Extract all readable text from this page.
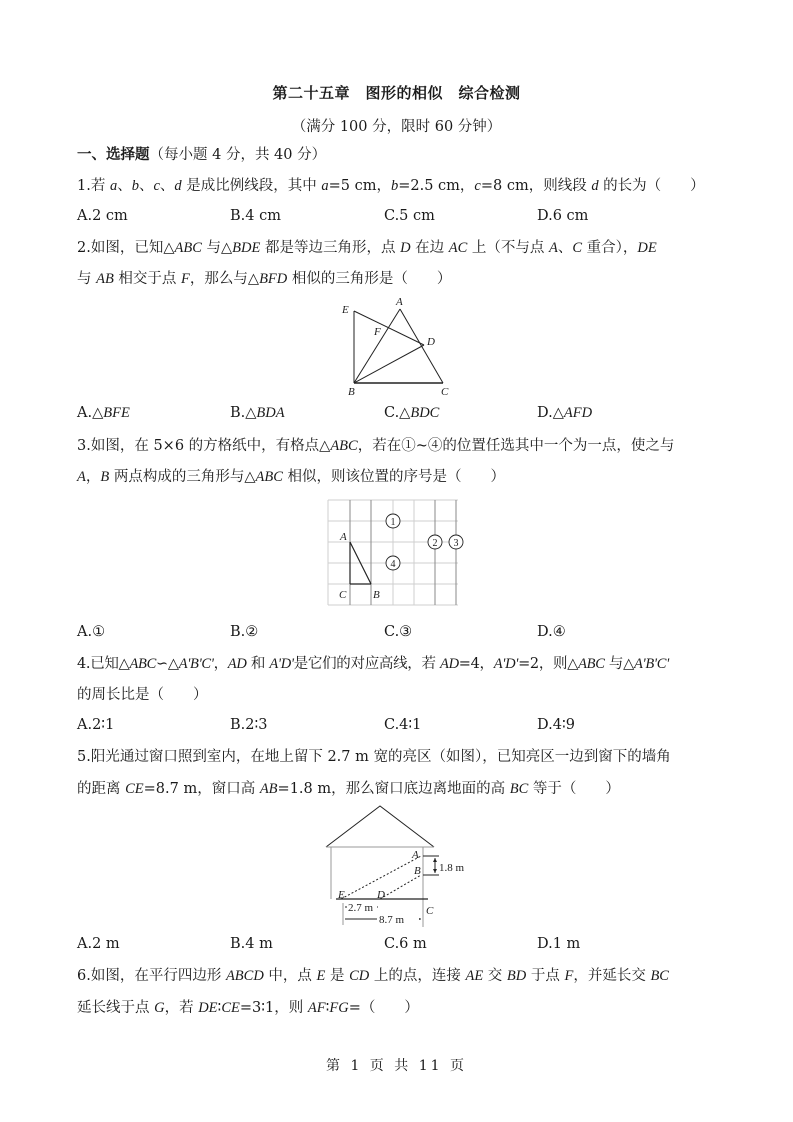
第二十五章　图形的相似　综合检测
（满分 100 分，限时 60 分钟）
一、选择题（每小题 4 分，共 40 分）
1.若 a、b、c、d 是成比例线段，其中 a=5 cm，b=2.5 cm，c=8 cm，则线段 d 的长为（　　）
A.2 cm	B.4 cm	C.5 cm	D.6 cm
2.如图，已知△ABC 与△BDE 都是等边三角形，点 D 在边 AC 上（不与点 A、C 重合），DE
与 AB 相交于点 F，那么与△BFD 相似的三角形是（　　）
E
A
F
D
B	C
A.△BFE	B.△BDA	C.△BDC	D.△AFD
3.如图，在 5×6 的方格纸中，有格点△ABC，若在①~④的位置任选其中一个为一点，使之与
A，B 两点构成的三角形与△ABC 相似，则该位置的序号是（　　）
1
2 3
4
A
C B
A.①	B.②	C.③	D.④
4.已知△ABC∽△A'B'C'，AD 和 A'D'是它们的对应高线，若 AD=4，A'D'=2，则△ABC 与△A'B'C'
的周长比是（　　）
A.2∶1	B.2∶3	C.4∶1	D.4∶9
5.阳光通过窗口照到室内，在地上留下 2.7 m 宽的亮区（如图），已知亮区一边到窗下的墙角
的距离 CE=8.7 m，窗口高 AB=1.8 m，那么窗口底边离地面的高 BC 等于（　　）
A
B
E	D
C
1.8 m
2.7 m
8.7 m
A.2 m	B.4 m	C.6 m	D.1 m
6.如图，在平行四边形 ABCD 中，点 E 是 CD 上的点，连接 AE 交 BD 于点 F，并延长交 BC
延长线于点 G，若 DE∶CE=3∶1，则 AF∶FG=（　　）
第 1 页 共 11 页
